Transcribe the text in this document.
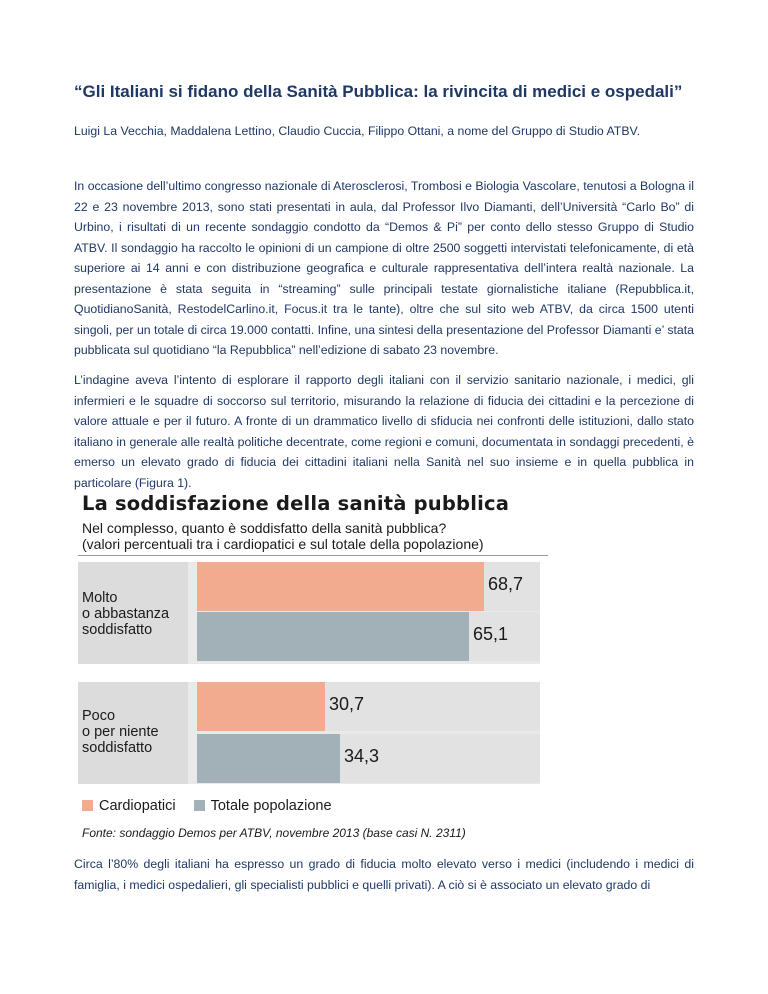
“Gli Italiani si fidano della Sanità Pubblica: la rivincita di medici e ospedali”
Luigi La Vecchia, Maddalena Lettino, Claudio Cuccia, Filippo Ottani, a nome del Gruppo di Studio ATBV.

In occasione dell’ultimo congresso nazionale di Aterosclerosi, Trombosi e Biologia Vascolare, tenutosi a Bologna il 22 e 23 novembre 2013, sono stati presentati in aula, dal Professor Ilvo Diamanti, dell’Università “Carlo Bo” di Urbino, i risultati di un recente sondaggio condotto da “Demos & Pi” per conto dello stesso Gruppo di Studio ATBV. Il sondaggio ha raccolto le opinioni di un campione di oltre 2500 soggetti intervistati telefonicamente, di età superiore ai 14 anni e con distribuzione geografica e culturale rappresentativa dell’intera realtà nazionale. La presentazione è stata seguita in “streaming” sulle principali testate giornalistiche italiane (Repubblica.it, QuotidianoSanità, RestodelCarlino.it, Focus.it tra le tante), oltre che sul sito web ATBV, da circa 1500 utenti singoli, per un totale di circa 19.000 contatti. Infine, una sintesi della presentazione del Professor Diamanti e’ stata pubblicata sul quotidiano “la Repubblica” nell’edizione di sabato 23 novembre.

L’indagine aveva l’intento di esplorare il rapporto degli italiani con il servizio sanitario nazionale, i medici, gli infermieri e le squadre di soccorso sul territorio, misurando la relazione di fiducia dei cittadini e la percezione di valore attuale e per il futuro. A fronte di un drammatico livello di sfiducia nei confronti delle istituzioni, dallo stato italiano in generale alle realtà politiche decentrate, come regioni e comuni, documentata in sondaggi precedenti, è emerso un elevato grado di fiducia dei cittadini italiani nella Sanità nel suo insieme e in quella pubblica in particolare (Figura 1).

La soddisfazione della sanità pubblica
Nel complesso, quanto è soddisfatto della sanità pubblica?
(valori percentuali tra i cardiopatici e sul totale della popolazione)
Molto
o abbastanza
soddisfatto
Poco
o per niente
soddisfatto
68,7
65,1
30,7
34,3
Cardiopatici Totale popolazione
Fonte: sondaggio Demos per ATBV, novembre 2013 (base casi N. 2311)

Circa l’80% degli italiani ha espresso un grado di fiducia molto elevato verso i medici (includendo i medici di famiglia, i medici ospedalieri, gli specialisti pubblici e quelli privati). A ciò si è associato un elevato grado di
